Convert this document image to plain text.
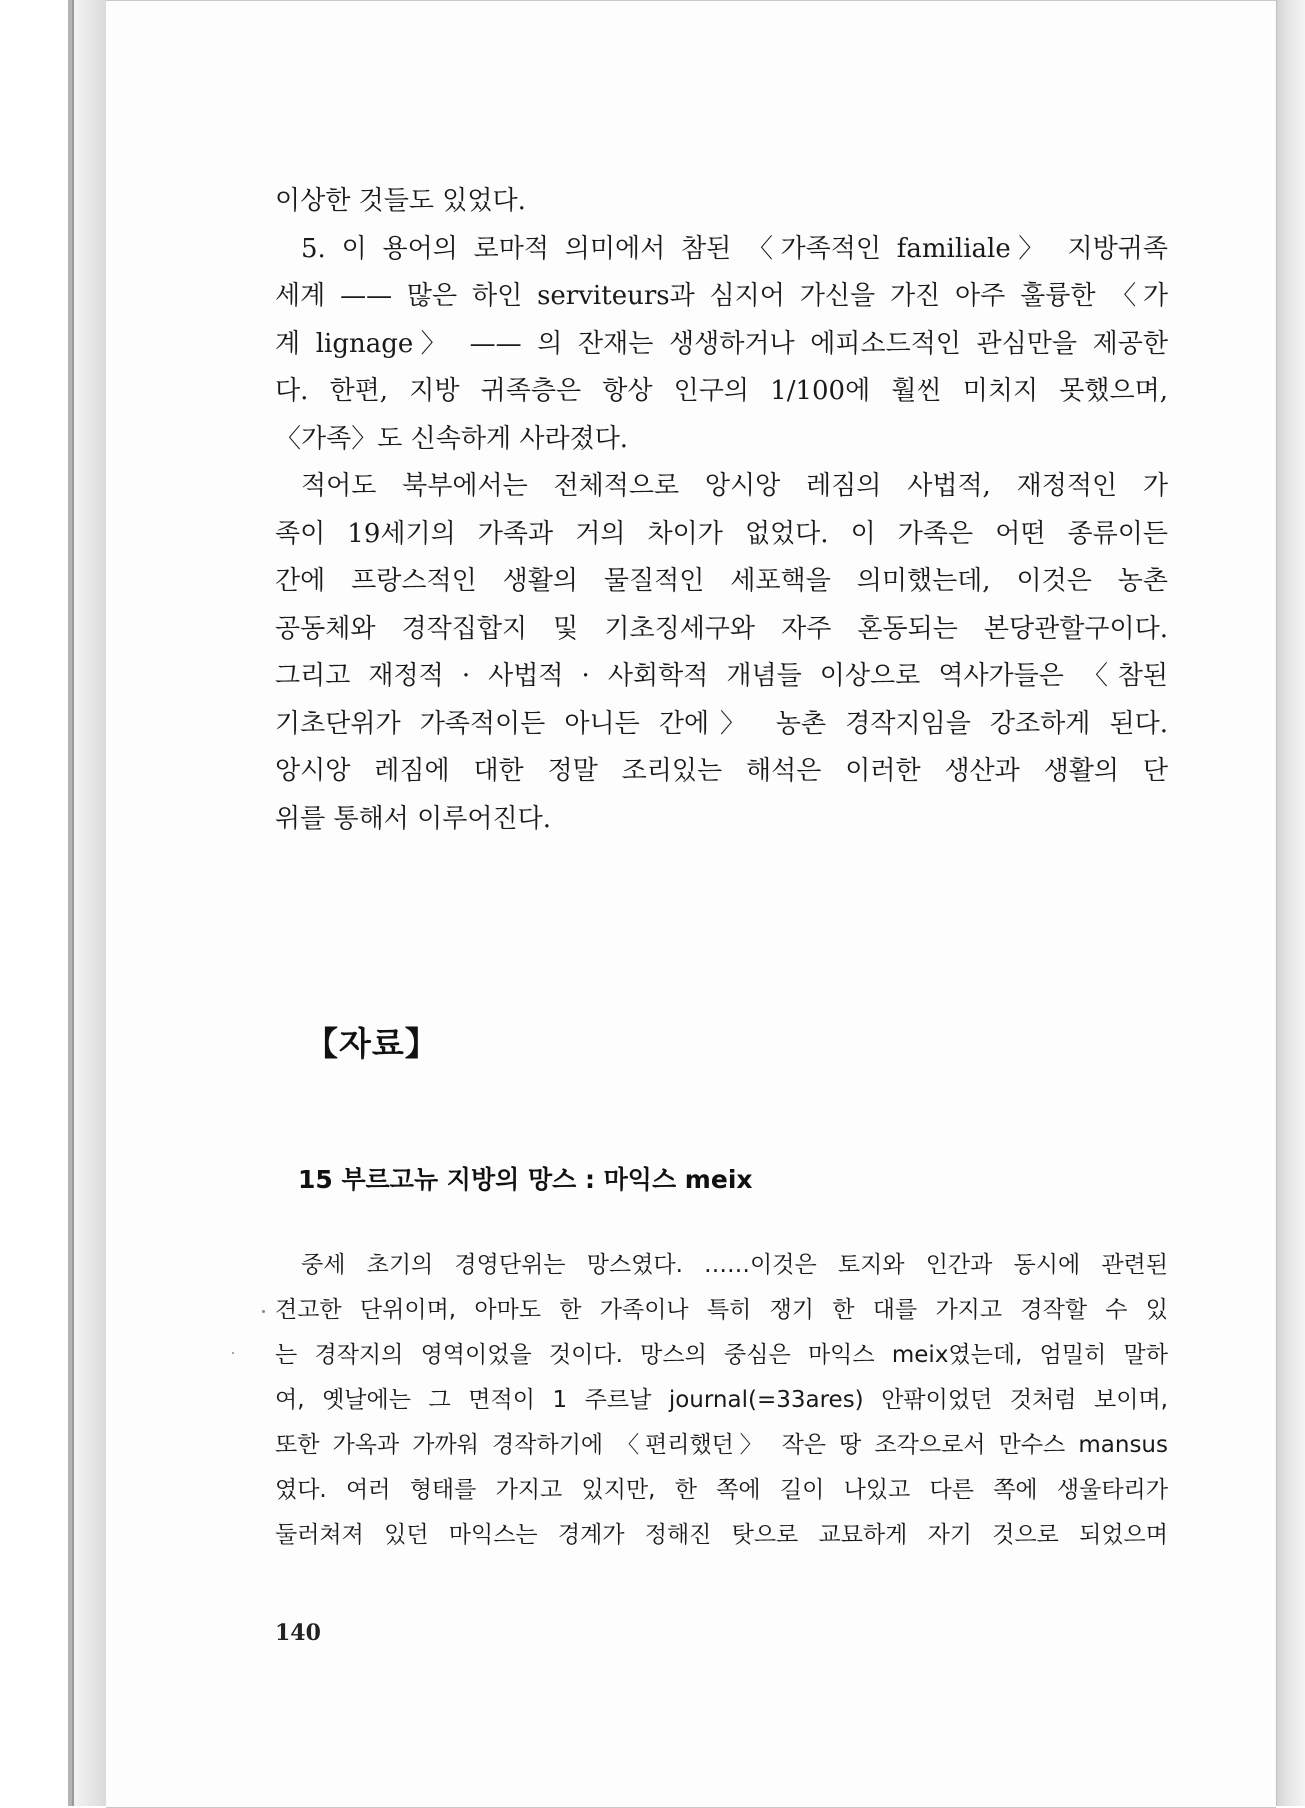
이상한 것들도 있었다.

5. 이 용어의 로마적 의미에서 참된 〈가족적인 familiale〉 지방귀족

세계 —— 많은 하인 serviteurs과 심지어 가신을 가진 아주 훌륭한 〈가

계 lignage〉 —— 의 잔재는 생생하거나 에피소드적인 관심만을 제공한

다. 한편, 지방 귀족층은 항상 인구의 1/100에 훨씬 미치지 못했으며,

〈가족〉도 신속하게 사라졌다.

적어도 북부에서는 전체적으로 앙시앙 레짐의 사법적, 재정적인 가

족이 19세기의 가족과 거의 차이가 없었다. 이 가족은 어떤 종류이든

간에 프랑스적인 생활의 물질적인 세포핵을 의미했는데, 이것은 농촌

공동체와 경작집합지 및 기초징세구와 자주 혼동되는 본당관할구이다.

그리고 재정적 · 사법적 · 사회학적 개념들 이상으로 역사가들은 〈참된

기초단위가 가족적이든 아니든 간에〉 농촌 경작지임을 강조하게 된다.

앙시앙 레짐에 대한 정말 조리있는 해석은 이러한 생산과 생활의 단

위를 통해서 이루어진다.

【자료】
15 부르고뉴 지방의 망스 : 마익스 meix

중세 초기의 경영단위는 망스였다. ……이것은 토지와 인간과 동시에 관련된

견고한 단위이며, 아마도 한 가족이나 특히 쟁기 한 대를 가지고 경작할 수 있

는 경작지의 영역이었을 것이다. 망스의 중심은 마익스 meix였는데, 엄밀히 말하

여, 옛날에는 그 면적이 1 주르날 journal(=33ares) 안팎이었던 것처럼 보이며,

또한 가옥과 가까워 경작하기에 〈편리했던〉 작은 땅 조각으로서 만수스 mansus

였다. 여러 형태를 가지고 있지만, 한 쪽에 길이 나있고 다른 쪽에 생울타리가

둘러쳐져 있던 마익스는 경계가 정해진 탓으로 교묘하게 자기 것으로 되었으며

140
